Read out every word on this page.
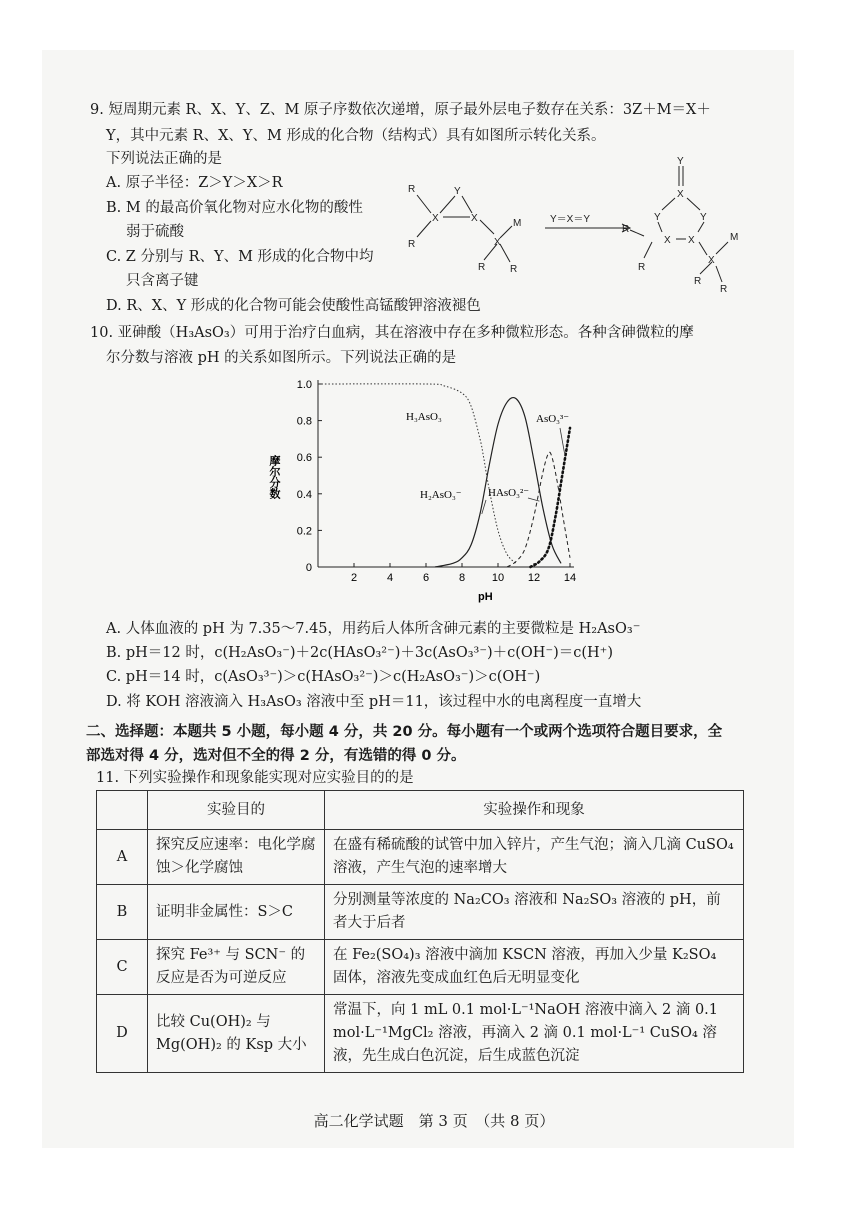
9. 短周期元素 R、X、Y、Z、M 原子序数依次递增，原子最外层电子数存在关系：3Z＋M＝X＋
Y，其中元素 R、X、Y、M 形成的化合物（结构式）具有如图所示转化关系。
下列说法正确的是
A. 原子半径：Z＞Y＞X＞R
B. M 的最高价氧化物对应水化物的酸性
弱于硫酸
C. Z 分别与 R、Y、M 形成的化合物中均
只含离子键
D. R、X、Y 形成的化合物可能会使酸性高锰酸钾溶液褪色
R
R
X
Y
X
X
M
R R
Y＝X＝Y
Y
X
Y	Y
X X
R
R
X
M
R
R
10. 亚砷酸（H₃AsO₃）可用于治疗白血病，其在溶液中存在多种微粒形态。各种含砷微粒的摩
尔分数与溶液 pH 的关系如图所示。下列说法正确的是
2	4	6	8 10 12 14
0
0.2
0.4
0.6
0.8
1.0
摩尔分数
pH
H₃AsO₃
H₂AsO₃⁻ HAsO₃²⁻
AsO₃³⁻
A. 人体血液的 pH 为 7.35～7.45，用药后人体所含砷元素的主要微粒是 H₂AsO₃⁻
B. pH＝12 时，c(H₂AsO₃⁻)＋2c(HAsO₃²⁻)＋3c(AsO₃³⁻)＋c(OH⁻)＝c(H⁺)
C. pH＝14 时，c(AsO₃³⁻)＞c(HAsO₃²⁻)＞c(H₂AsO₃⁻)＞c(OH⁻)
D. 将 KOH 溶液滴入 H₃AsO₃ 溶液中至 pH＝11，该过程中水的电离程度一直增大
二、选择题：本题共 5 小题，每小题 4 分，共 20 分。每小题有一个或两个选项符合题目要求，全
部选对得 4 分，选对但不全的得 2 分，有选错的得 0 分。
11. 下列实验操作和现象能实现对应实验目的的是
	实验目的	实验操作和现象
A	探究反应速率：电化学腐蚀＞化学腐蚀	在盛有稀硫酸的试管中加入锌片，产生气泡；滴入几滴 CuSO₄ 溶液，产生气泡的速率增大
B	证明非金属性：S＞C	分别测量等浓度的 Na₂CO₃ 溶液和 Na₂SO₃ 溶液的 pH，前者大于后者
C	探究 Fe³⁺ 与 SCN⁻ 的反应是否为可逆反应	在 Fe₂(SO₄)₃ 溶液中滴加 KSCN 溶液，再加入少量 K₂SO₄ 固体，溶液先变成血红色后无明显变化
D	比较 Cu(OH)₂ 与 Mg(OH)₂ 的 Ksp 大小	常温下，向 1 mL 0.1 mol·L⁻¹NaOH 溶液中滴入 2 滴 0.1 mol·L⁻¹MgCl₂ 溶液，再滴入 2 滴 0.1 mol·L⁻¹ CuSO₄ 溶液，先生成白色沉淀，后生成蓝色沉淀
高二化学试题　第 3 页　（共 8 页）
